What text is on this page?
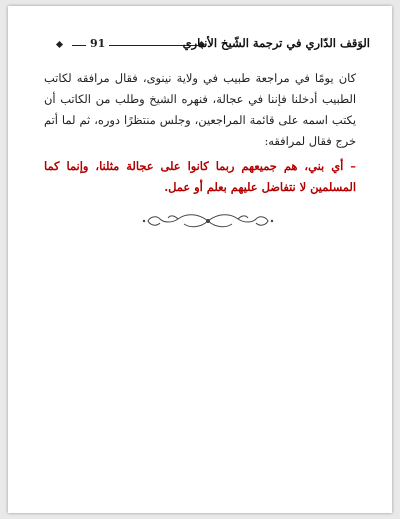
91	الوَقف الدّاري في ترجمة الشّيخ الأنباري

كان يومًا في مراجعة طبيب في ولاية نينوى، فقال مرافقه لكاتب الطبيب أدخلنا فإننا في عجالة، فنهره الشيخ وطلب من الكاتب أن يكتب اسمه على قائمة المراجعين، وجلس منتظرًا دوره، ثم لما أتم خرج فقال لمرافقه:

– أي بني، هم جميعهم ربما كانوا على عجالة مثلنا، وإنما كما المسلمين لا نتفاضل عليهم بعلم أو عمل.
